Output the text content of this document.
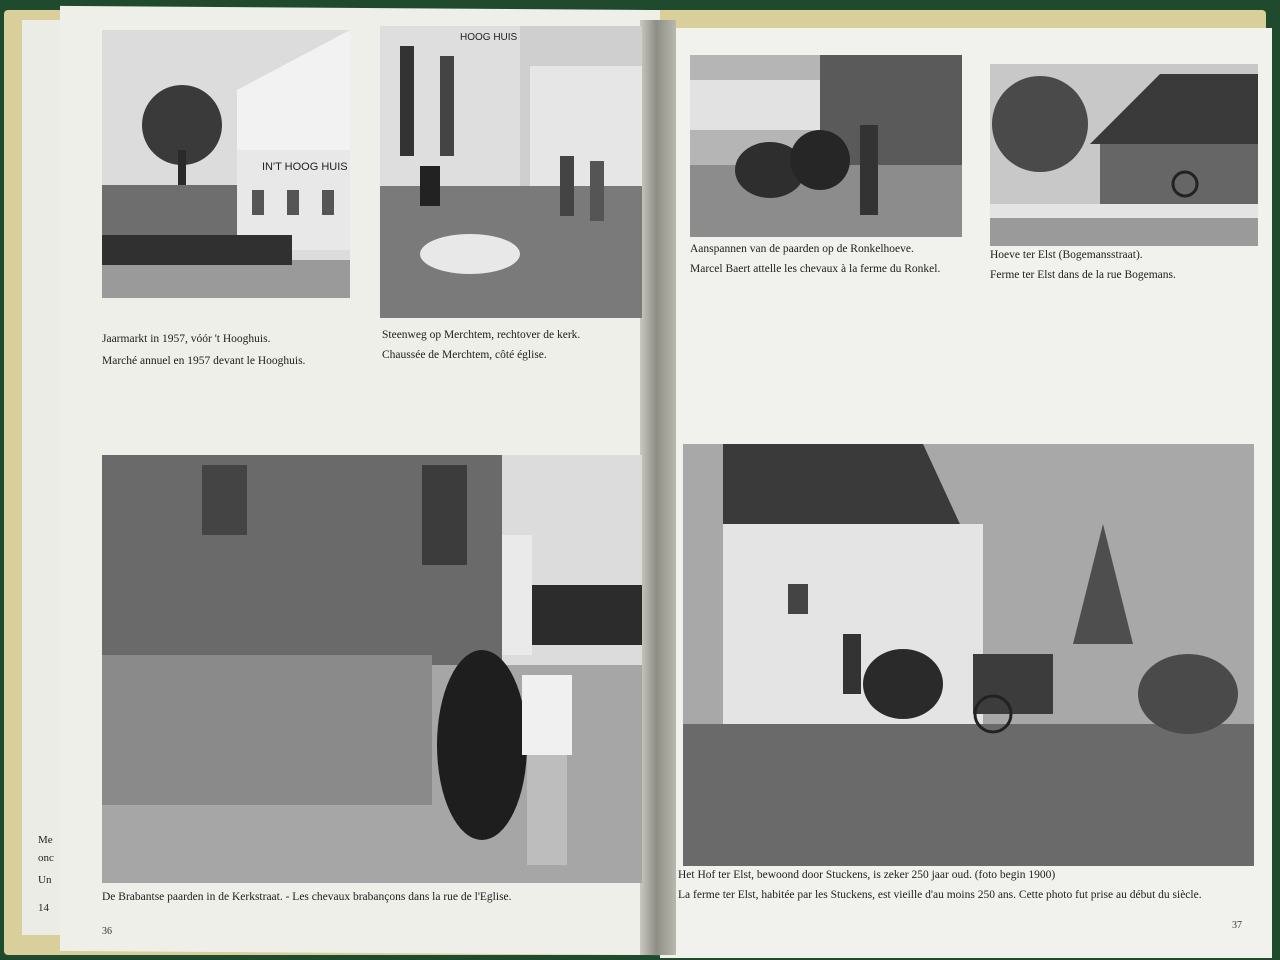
Me
onc
Un
14
IN'T HOOG HUIS
Jaarmarkt in 1957, vóór 't Hooghuis.
Marché annuel en 1957 devant le Hooghuis.
HOOG HUIS
Steenweg op Merchtem, rechtover de kerk.
Chaussée de Merchtem, côté église.
Aanspannen van de paarden op de Ronkelhoeve.
Marcel Baert attelle les chevaux à la ferme du Ronkel.
Hoeve ter Elst (Bogemansstraat).
Ferme ter Elst dans de la rue Bogemans.
De Brabantse paarden in de Kerkstraat. - Les chevaux brabançons dans la rue de l'Eglise.
Het Hof ter Elst, bewoond door Stuckens, is zeker 250 jaar oud. (foto begin 1900)
La ferme ter Elst, habitée par les Stuckens, est vieille d'au moins 250 ans. Cette photo fut prise au début du siècle.
36
37
